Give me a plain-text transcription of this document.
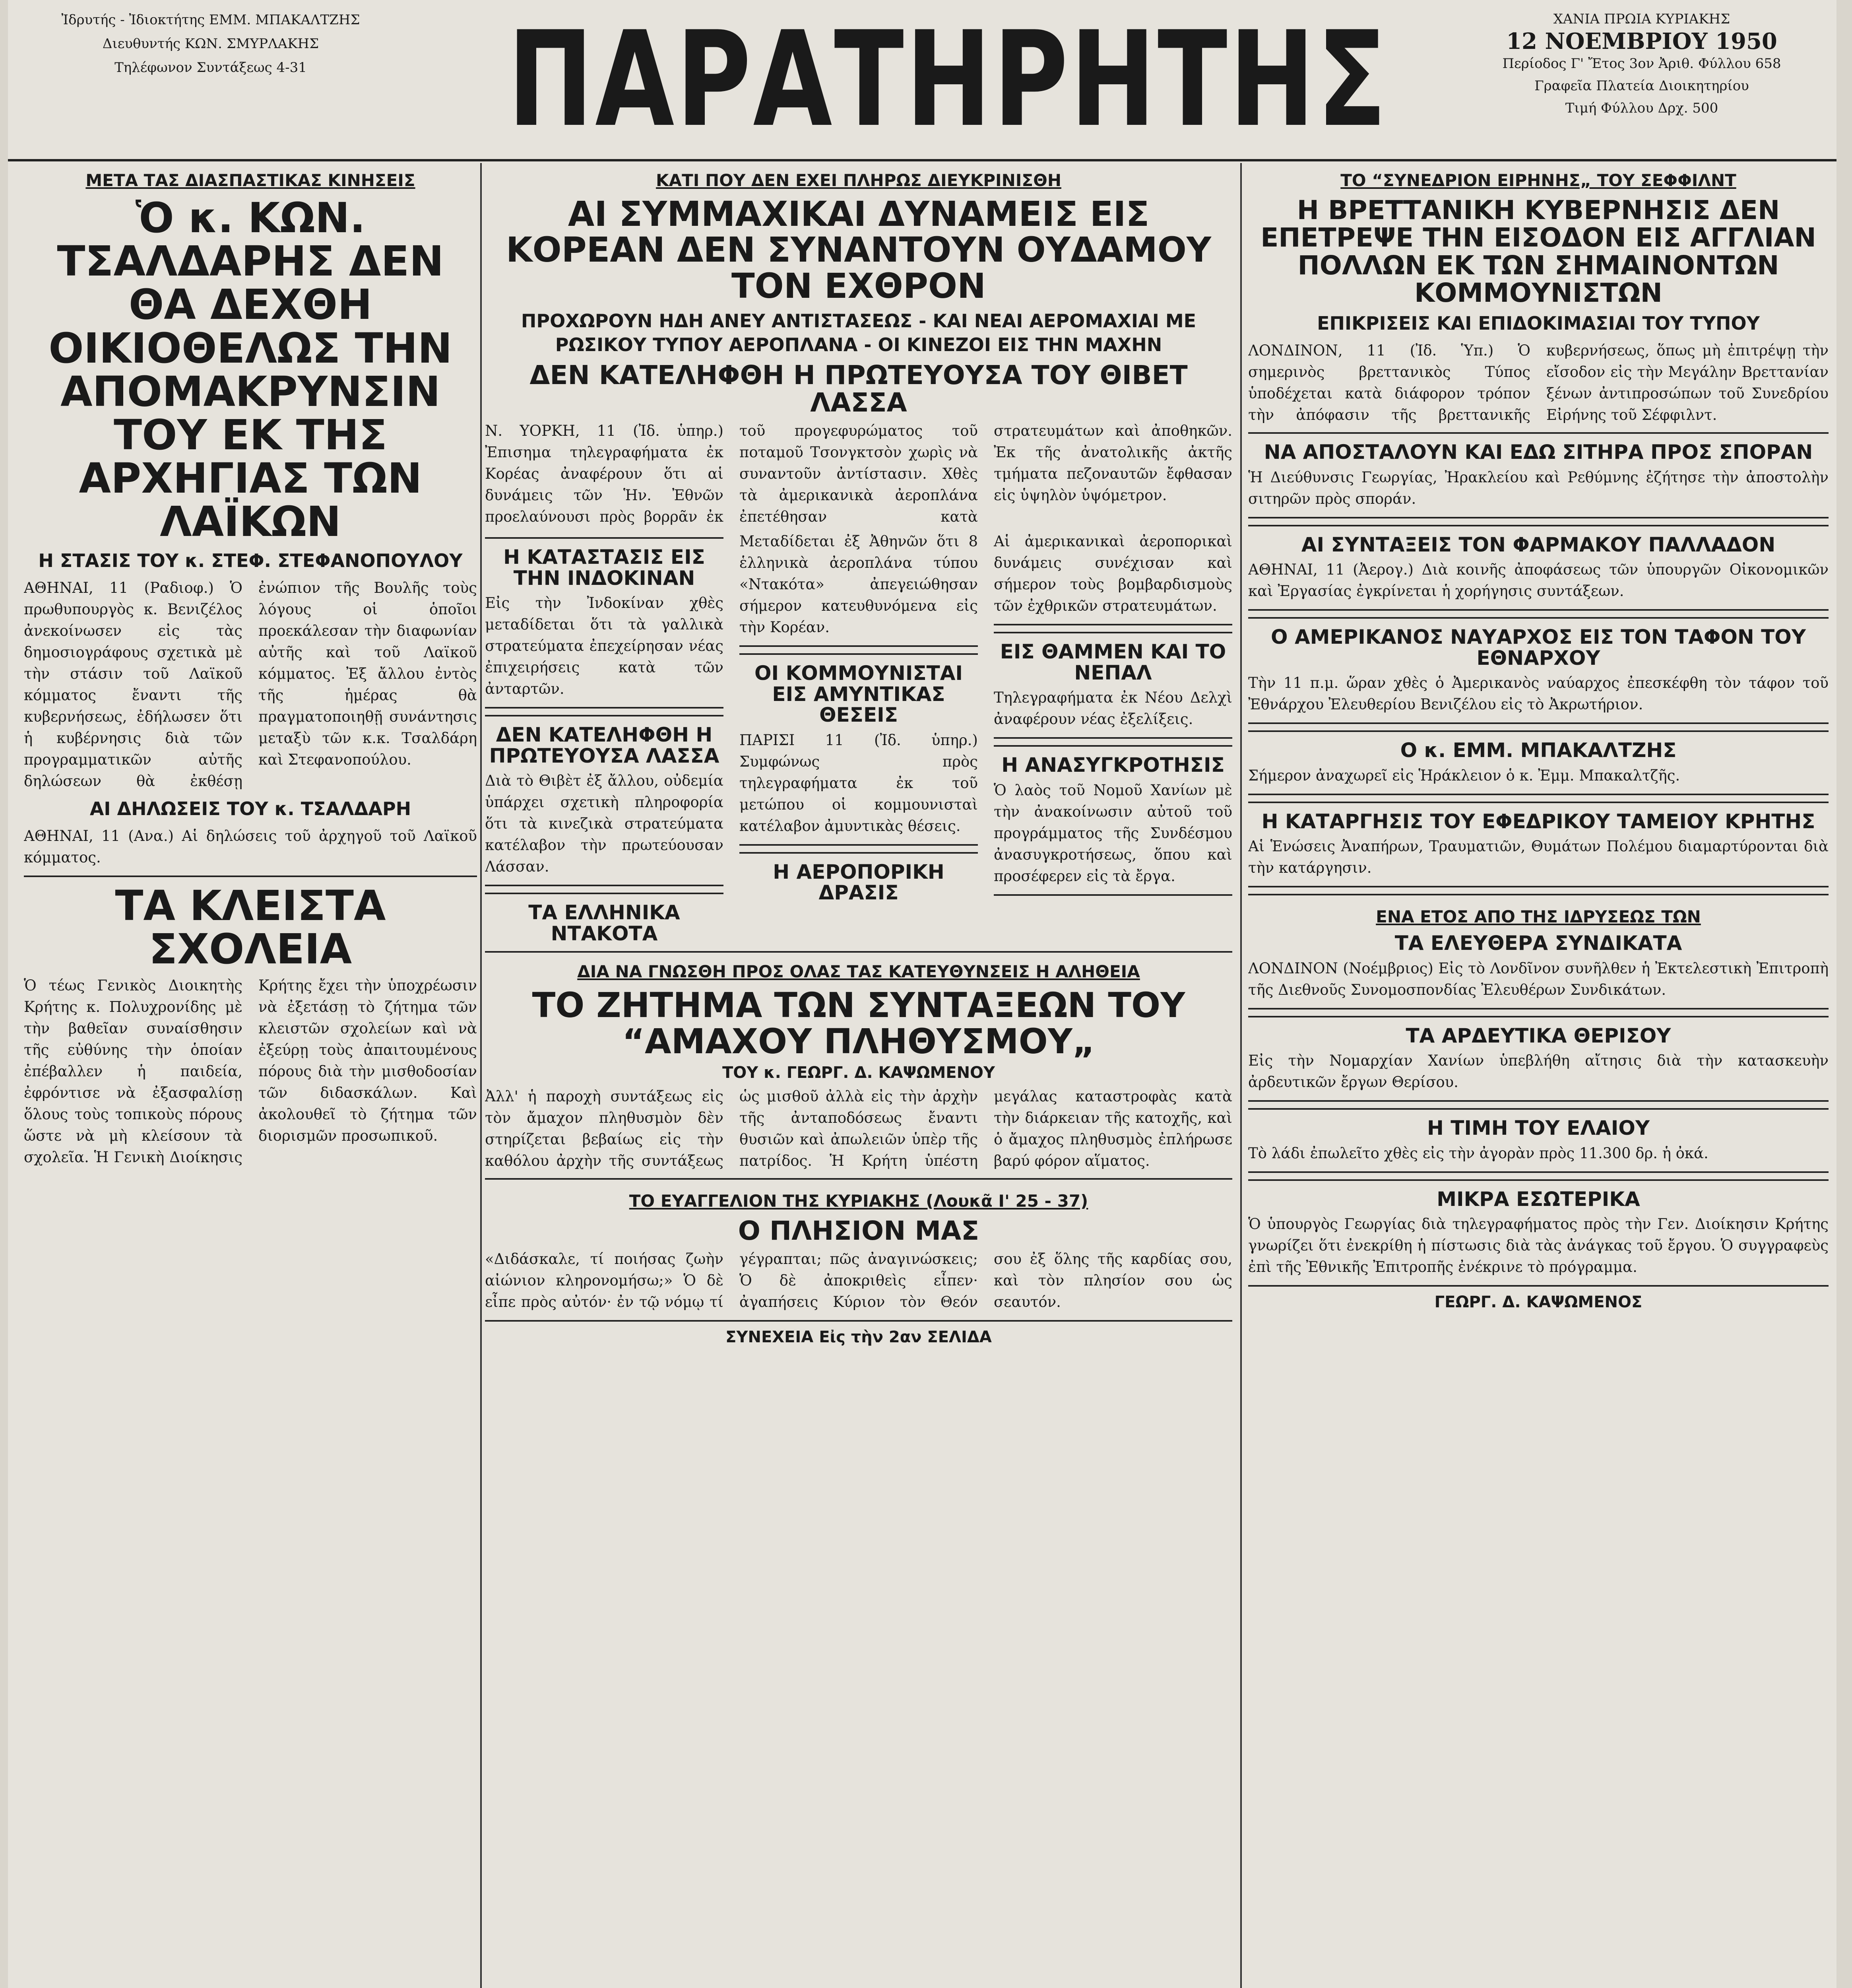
Ἰδρυτής - Ἰδιοκτήτης ΕΜΜ. ΜΠΑΚΑΛΤΖΗΣ
Διευθυντής ΚΩΝ. ΣΜΥΡΛΑΚΗΣ
Τηλέφωνον Συντάξεως 4-31	ΠΑΡΑΤΗΡΗΤΗΣ	ΧΑΝΙΑ ΠΡΩΙΑ ΚΥΡΙΑΚΗΣ
12 ΝΟΕΜΒΡΙΟΥ 1950
Περίοδος Γ' Ἔτος 3ον Ἀριθ. Φύλλου 658
Γραφεῖα Πλατεία Διοικητηρίου
Τιμή Φύλλου Δρχ. 500
ΜΕΤΑ ΤΑΣ ΔΙΑΣΠΑΣΤΙΚΑΣ ΚΙΝΗΣΕΙΣ
Ὁ κ. ΚΩΝ. ΤΣΑΛΔΑΡΗΣ ΔΕΝ ΘΑ ΔΕΧΘΗ ΟΙΚΙΟΘΕΛΩΣ ΤΗΝ ΑΠΟΜΑΚΡΥΝΣΙΝ ΤΟΥ ΕΚ ΤΗΣ ΑΡΧΗΓΙΑΣ ΤΩΝ ΛΑΪΚΩΝ
Η ΣΤΑΣΙΣ ΤΟΥ κ. ΣΤΕΦ. ΣΤΕΦΑΝΟΠΟΥΛΟΥ
ΑΘΗΝΑΙ, 11 (Ραδιοφ.) Ὁ πρωθυπουργὸς κ. Βενιζέλος ἀνεκοίνωσεν εἰς τὰς δημοσιογράφους σχετικὰ μὲ τὴν στάσιν τοῦ Λαϊκοῦ κόμματος ἔναντι τῆς κυβερνήσεως, ἐδήλωσεν ὅτι ἡ κυβέρνησις διὰ τῶν προγραμματικῶν αὐτῆς δηλώσεων θὰ ἐκθέσῃ ἐνώπιον τῆς Βουλῆς τοὺς λόγους οἱ ὁποῖοι προεκάλεσαν τὴν διαφωνίαν αὐτῆς καὶ τοῦ Λαϊκοῦ κόμματος. Ἐξ ἄλλου ἐντὸς τῆς ἡμέρας θὰ πραγματοποιηθῇ συνάντησις μεταξὺ τῶν κ.κ. Τσαλδάρη καὶ Στεφανοπούλου.
ΑΙ ΔΗΛΩΣΕΙΣ ΤΟΥ κ. ΤΣΑΛΔΑΡΗ
ΑΘΗΝΑΙ, 11 (Ανα.) Αἱ δηλώσεις τοῦ ἀρχηγοῦ τοῦ Λαϊκοῦ κόμματος.
ΤΑ ΚΛΕΙΣΤΑ ΣΧΟΛΕΙΑ
Ὁ τέως Γενικὸς Διοικητὴς Κρήτης κ. Πολυχρονίδης μὲ τὴν βαθεῖαν συναίσθησιν τῆς εὐθύνης τὴν ὁποίαν ἐπέβαλλεν ἡ παιδεία, ἐφρόντισε νὰ ἐξασφαλίσῃ ὅλους τοὺς τοπικοὺς πόρους ὥστε νὰ μὴ κλείσουν τὰ σχολεῖα. Ἡ Γενικὴ Διοίκησις Κρήτης ἔχει τὴν ὑποχρέωσιν νὰ ἐξετάσῃ τὸ ζήτημα τῶν κλειστῶν σχολείων καὶ νὰ ἐξεύρῃ τοὺς ἀπαιτουμένους πόρους διὰ τὴν μισθοδοσίαν τῶν διδασκάλων. Καὶ ἀκολουθεῖ τὸ ζήτημα τῶν διορισμῶν προσωπικοῦ.
ΚΑΤΙ ΠΟΥ ΔΕΝ ΕΧΕΙ ΠΛΗΡΩΣ ΔΙΕΥΚΡΙΝΙΣΘΗ
ΑΙ ΣΥΜΜΑΧΙΚΑΙ ΔΥΝΑΜΕΙΣ ΕΙΣ ΚΟΡΕΑΝ ΔΕΝ ΣΥΝΑΝΤΟΥΝ ΟΥΔΑΜΟΥ ΤΟΝ ΕΧΘΡΟΝ
ΠΡΟΧΩΡΟΥΝ ΗΔΗ ΑΝΕΥ ΑΝΤΙΣΤΑΣΕΩΣ - ΚΑΙ ΝΕΑΙ ΑΕΡΟΜΑΧΙΑΙ ΜΕ ΡΩΣΙΚΟΥ ΤΥΠΟΥ ΑΕΡΟΠΛΑΝΑ - ΟΙ ΚΙΝΕΖΟΙ ΕΙΣ ΤΗΝ ΜΑΧΗΝ
ΔΕΝ ΚΑΤΕΛΗΦΘΗ Η ΠΡΩΤΕΥΟΥΣΑ ΤΟΥ ΘΙΒΕΤ ΛΑΣΣΑ
Ν. ΥΟΡΚΗ, 11 (Ἰδ. ὑπηρ.) Ἐπισημα τηλεγραφήματα ἐκ Κορέας ἀναφέρουν ὅτι αἱ δυνάμεις τῶν Ἡν. Ἐθνῶν προελαύνουσι πρὸς βορρᾶν ἐκ τοῦ προγεφυρώματος τοῦ ποταμοῦ Τσονγκτσὸν χωρὶς νὰ συναντοῦν ἀντίστασιν. Χθὲς τὰ ἀμερικανικὰ ἀεροπλάνα ἐπετέθησαν κατὰ στρατευμάτων καὶ ἀποθηκῶν. Ἐκ τῆς ἀνατολικῆς ἀκτῆς τμήματα πεζοναυτῶν ἔφθασαν εἰς ὑψηλὸν ὑψόμετρον.
Η ΚΑΤΑΣΤΑΣΙΣ ΕΙΣ ΤΗΝ ΙΝΔΟΚΙΝΑΝ
Εἰς τὴν Ἰνδοκίναν χθὲς μεταδίδεται ὅτι τὰ γαλλικὰ στρατεύματα ἐπεχείρησαν νέας ἐπιχειρήσεις κατὰ τῶν ἀνταρτῶν.
ΔΕΝ ΚΑΤΕΛΗΦΘΗ Η ΠΡΩΤΕΥΟΥΣΑ ΛΑΣΣΑ
Διὰ τὸ Θιβὲτ ἐξ ἄλλου, οὐδεμία ὑπάρχει σχετικὴ πληροφορία ὅτι τὰ κινεζικὰ στρατεύματα κατέλαβον τὴν πρωτεύουσαν Λάσσαν.
ΤΑ ΕΛΛΗΝΙΚΑ ΝΤΑΚΟΤΑ
Μεταδίδεται ἐξ Ἀθηνῶν ὅτι 8 ἑλληνικὰ ἀεροπλάνα τύπου «Ντακότα» ἀπεγειώθησαν σήμερον κατευθυνόμενα εἰς τὴν Κορέαν.
ΟΙ ΚΟΜΜΟΥΝΙΣΤΑΙ ΕΙΣ ΑΜΥΝΤΙΚΑΣ ΘΕΣΕΙΣ
ΠΑΡΙΣΙ 11 (Ἰδ. ὑπηρ.) Συμφώνως πρὸς τηλεγραφήματα ἐκ τοῦ μετώπου οἱ κομμουνισταὶ κατέλαβον ἀμυντικὰς θέσεις.
Η ΑΕΡΟΠΟΡΙΚΗ ΔΡΑΣΙΣ
Αἱ ἀμερικανικαὶ ἀεροπορικαὶ δυνάμεις συνέχισαν καὶ σήμερον τοὺς βομβαρδισμοὺς τῶν ἐχθρικῶν στρατευμάτων.
ΕΙΣ ΘΑΜΜΕΝ ΚΑΙ ΤΟ ΝΕΠΑΛ
Τηλεγραφήματα ἐκ Νέου Δελχὶ ἀναφέρουν νέας ἐξελίξεις.
Η ΑΝΑΣΥΓΚΡΟΤΗΣΙΣ
Ὁ λαὸς τοῦ Νομοῦ Χανίων μὲ τὴν ἀνακοίνωσιν αὐτοῦ τοῦ προγράμματος τῆς Συνδέσμου ἀνασυγκροτήσεως, ὅπου καὶ προσέφερεν εἰς τὰ ἔργα.
ΔΙΑ ΝΑ ΓΝΩΣΘΗ ΠΡΟΣ ΟΛΑΣ ΤΑΣ ΚΑΤΕΥΘΥΝΣΕΙΣ Η ΑΛΗΘΕΙΑ
ΤΟ ΖΗΤΗΜΑ ΤΩΝ ΣΥΝΤΑΞΕΩΝ ΤΟΥ “ΑΜΑΧΟΥ ΠΛΗΘΥΣΜΟΥ„
ΤΟΥ κ. ΓΕΩΡΓ. Δ. ΚΑΨΩΜΕΝΟΥ
Ἀλλ' ἡ παροχὴ συντάξεως εἰς τὸν ἄμαχον πληθυσμὸν δὲν στηρίζεται βεβαίως εἰς τὴν καθόλου ἀρχὴν τῆς συντάξεως ὡς μισθοῦ ἀλλὰ εἰς τὴν ἀρχὴν τῆς ἀνταποδόσεως ἔναντι θυσιῶν καὶ ἀπωλειῶν ὑπὲρ τῆς πατρίδος. Ἡ Κρήτη ὑπέστη μεγάλας καταστροφὰς κατὰ τὴν διάρκειαν τῆς κατοχῆς, καὶ ὁ ἄμαχος πληθυσμὸς ἐπλήρωσε βαρύ φόρον αἵματος.
ΤΟ ΕΥΑΓΓΕΛΙΟΝ ΤΗΣ ΚΥΡΙΑΚΗΣ (Λουκᾶ Ι' 25 - 37)
Ο ΠΛΗΣΙΟΝ ΜΑΣ
«Διδάσκαλε, τί ποιήσας ζωὴν αἰώνιον κληρονομήσω;» Ὁ δὲ εἶπε πρὸς αὐτόν· ἐν τῷ νόμῳ τί γέγραπται; πῶς ἀναγινώσκεις; Ὁ δὲ ἀποκριθεὶς εἶπεν· ἀγαπήσεις Κύριον τὸν Θεόν σου ἐξ ὅλης τῆς καρδίας σου, καὶ τὸν πλησίον σου ὡς σεαυτόν.
ΣΥΝΕΧΕΙΑ Εἰς τὴν 2αν ΣΕΛΙΔΑ
ΤΟ “ΣΥΝΕΔΡΙΟΝ ΕΙΡΗΝΗΣ„ ΤΟΥ ΣΕΦΦΙΛΝΤ
Η ΒΡΕΤΤΑΝΙΚΗ ΚΥΒΕΡΝΗΣΙΣ ΔΕΝ ΕΠΕΤΡΕΨΕ ΤΗΝ ΕΙΣΟΔΟΝ ΕΙΣ ΑΓΓΛΙΑΝ ΠΟΛΛΩΝ ΕΚ ΤΩΝ ΣΗΜΑΙΝΟΝΤΩΝ ΚΟΜΜΟΥΝΙΣΤΩΝ
ΕΠΙΚΡΙΣΕΙΣ ΚΑΙ ΕΠΙΔΟΚΙΜΑΣΙΑΙ ΤΟΥ ΤΥΠΟΥ
ΛΟΝΔΙΝΟΝ, 11 (Ἰδ. Ὑπ.) Ὁ σημερινὸς βρεττανικὸς Τύπος ὑποδέχεται κατὰ διάφορον τρόπον τὴν ἀπόφασιν τῆς βρεττανικῆς κυβερνήσεως, ὅπως μὴ ἐπιτρέψῃ τὴν εἴσοδον εἰς τὴν Μεγάλην Βρεττανίαν ξένων ἀντιπροσώπων τοῦ Συνεδρίου Εἰρήνης τοῦ Σέφφιλντ.
ΝΑ ΑΠΟΣΤΑΛΟΥΝ ΚΑΙ ΕΔΩ ΣΙΤΗΡΑ ΠΡΟΣ ΣΠΟΡΑΝ
Ἡ Διεύθυνσις Γεωργίας, Ἠρακλείου καὶ Ρεθύμνης ἐζήτησε τὴν ἀποστολὴν σιτηρῶν πρὸς σποράν.
ΑΙ ΣΥΝΤΑΞΕΙΣ ΤΟΝ ΦΑΡΜΑΚΟΥ ΠΑΛΛΑΔΟΝ
ΑΘΗΝΑΙ, 11 (Ἀερογ.) Διὰ κοινῆς ἀποφάσεως τῶν ὑπουργῶν Οἰκονομικῶν καὶ Ἐργασίας ἐγκρίνεται ἡ χορήγησις συντάξεων.
Ο ΑΜΕΡΙΚΑΝΟΣ ΝΑΥΑΡΧΟΣ ΕΙΣ ΤΟΝ ΤΑΦΟΝ ΤΟΥ ΕΘΝΑΡΧΟΥ
Τὴν 11 π.μ. ὥραν χθὲς ὁ Ἀμερικανὸς ναύαρχος ἐπεσκέφθη τὸν τάφον τοῦ Ἐθνάρχου Ἐλευθερίου Βενιζέλου εἰς τὸ Ἀκρωτήριον.
Ο κ. ΕΜΜ. ΜΠΑΚΑΛΤΖΗΣ
Σήμερον ἀναχωρεῖ εἰς Ἡράκλειον ὁ κ. Ἐμμ. Μπακαλτζῆς.
Η ΚΑΤΑΡΓΗΣΙΣ ΤΟΥ ΕΦΕΔΡΙΚΟΥ ΤΑΜΕΙΟΥ ΚΡΗΤΗΣ
Αἱ Ἑνώσεις Ἀναπήρων, Τραυματιῶν, Θυμάτων Πολέμου διαμαρτύρονται διὰ τὴν κατάργησιν.
ΕΝΑ ΕΤΟΣ ΑΠΟ ΤΗΣ ΙΔΡΥΣΕΩΣ ΤΩΝ
ΤΑ ΕΛΕΥΘΕΡΑ ΣΥΝΔΙΚΑΤΑ
ΛΟΝΔΙΝΟΝ (Νοέμβριος) Εἰς τὸ Λονδῖνον συνῆλθεν ἡ Ἐκτελεστικὴ Ἐπιτροπὴ τῆς Διεθνοῦς Συνομοσπονδίας Ἐλευθέρων Συνδικάτων.
ΤΑ ΑΡΔΕΥΤΙΚΑ ΘΕΡΙΣΟΥ
Εἰς τὴν Νομαρχίαν Χανίων ὑπεβλήθη αἴτησις διὰ τὴν κατασκευὴν ἀρδευτικῶν ἔργων Θερίσου.
Η ΤΙΜΗ ΤΟΥ ΕΛΑΙΟΥ
Τὸ λάδι ἐπωλεῖτο χθὲς εἰς τὴν ἀγορὰν πρὸς 11.300 δρ. ἡ ὀκά.
ΜΙΚΡΑ ΕΣΩΤΕΡΙΚΑ
Ὁ ὑπουργὸς Γεωργίας διὰ τηλεγραφήματος πρὸς τὴν Γεν. Διοίκησιν Κρήτης γνωρίζει ὅτι ἐνεκρίθη ἡ πίστωσις διὰ τὰς ἀνάγκας τοῦ ἔργου. Ὁ συγγραφεὺς ἐπὶ τῆς Ἐθνικῆς Ἐπιτροπῆς ἐνέκρινε τὸ πρόγραμμα.
ΓΕΩΡΓ. Δ. ΚΑΨΩΜΕΝΟΣ
